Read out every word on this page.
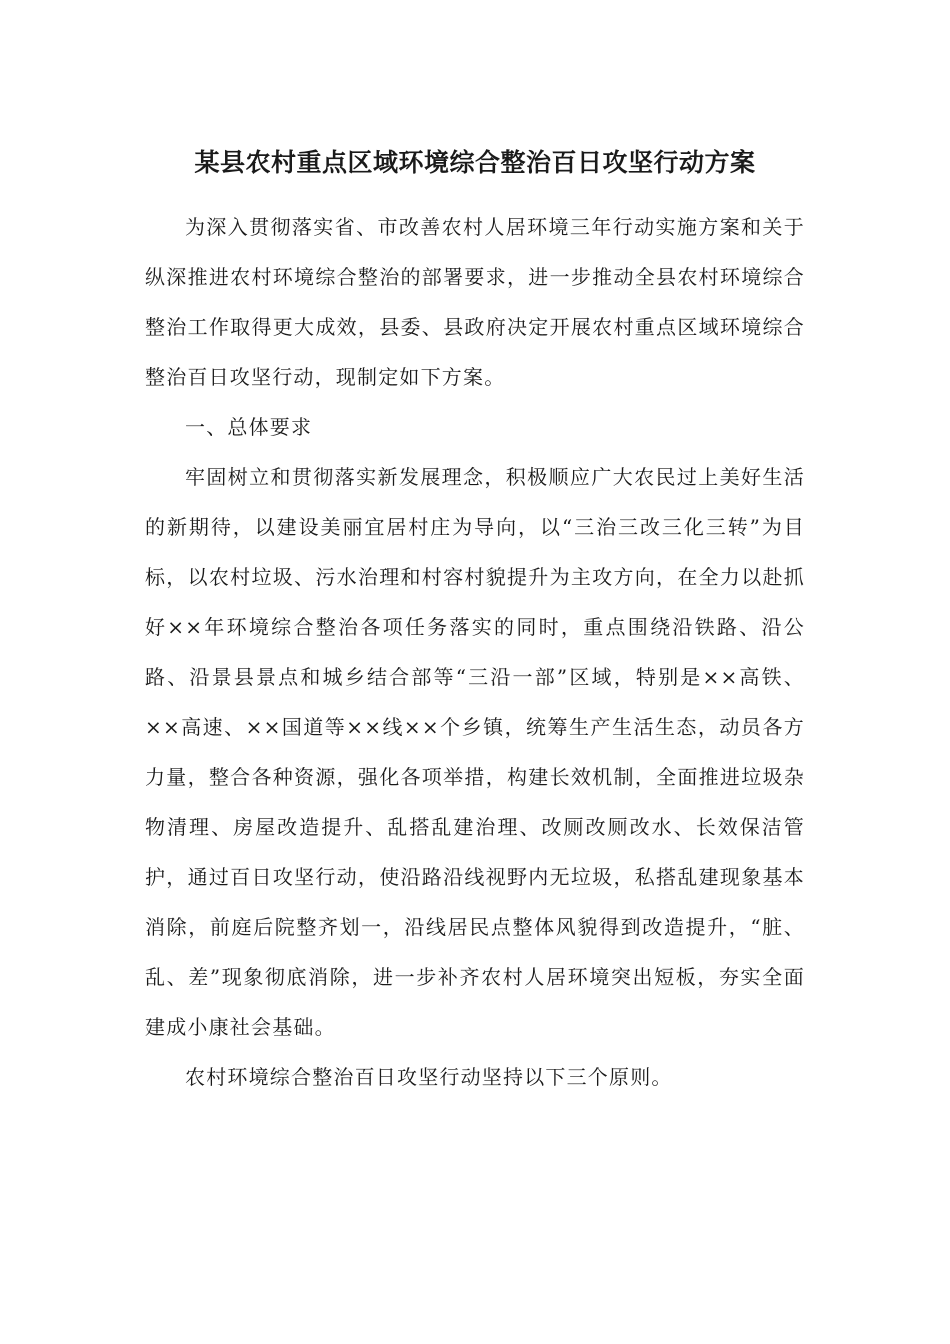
某县农村重点区域环境综合整治百日攻坚行动方案

为深入贯彻落实省、市改善农村人居环境三年行动实施方案和关于纵深推进农村环境综合整治的部署要求，进一步推动全县农村环境综合整治工作取得更大成效，县委、县政府决定开展农村重点区域环境综合整治百日攻坚行动，现制定如下方案。

一、总体要求

牢固树立和贯彻落实新发展理念，积极顺应广大农民过上美好生活的新期待，以建设美丽宜居村庄为导向，以“三治三改三化三转”为目标，以农村垃圾、污水治理和村容村貌提升为主攻方向，在全力以赴抓好××年环境综合整治各项任务落实的同时，重点围绕沿铁路、沿公路、沿景县景点和城乡结合部等“三沿一部”区域，特别是××高铁、××高速、××国道等××线××个乡镇，统筹生产生活生态，动员各方力量，整合各种资源，强化各项举措，构建长效机制，全面推进垃圾杂物清理、房屋改造提升、乱搭乱建治理、改厕改厕改水、长效保洁管护，通过百日攻坚行动，使沿路沿线视野内无垃圾，私搭乱建现象基本消除，前庭后院整齐划一，沿线居民点整体风貌得到改造提升，“脏、乱、差”现象彻底消除，进一步补齐农村人居环境突出短板，夯实全面建成小康社会基础。

农村环境综合整治百日攻坚行动坚持以下三个原则。
